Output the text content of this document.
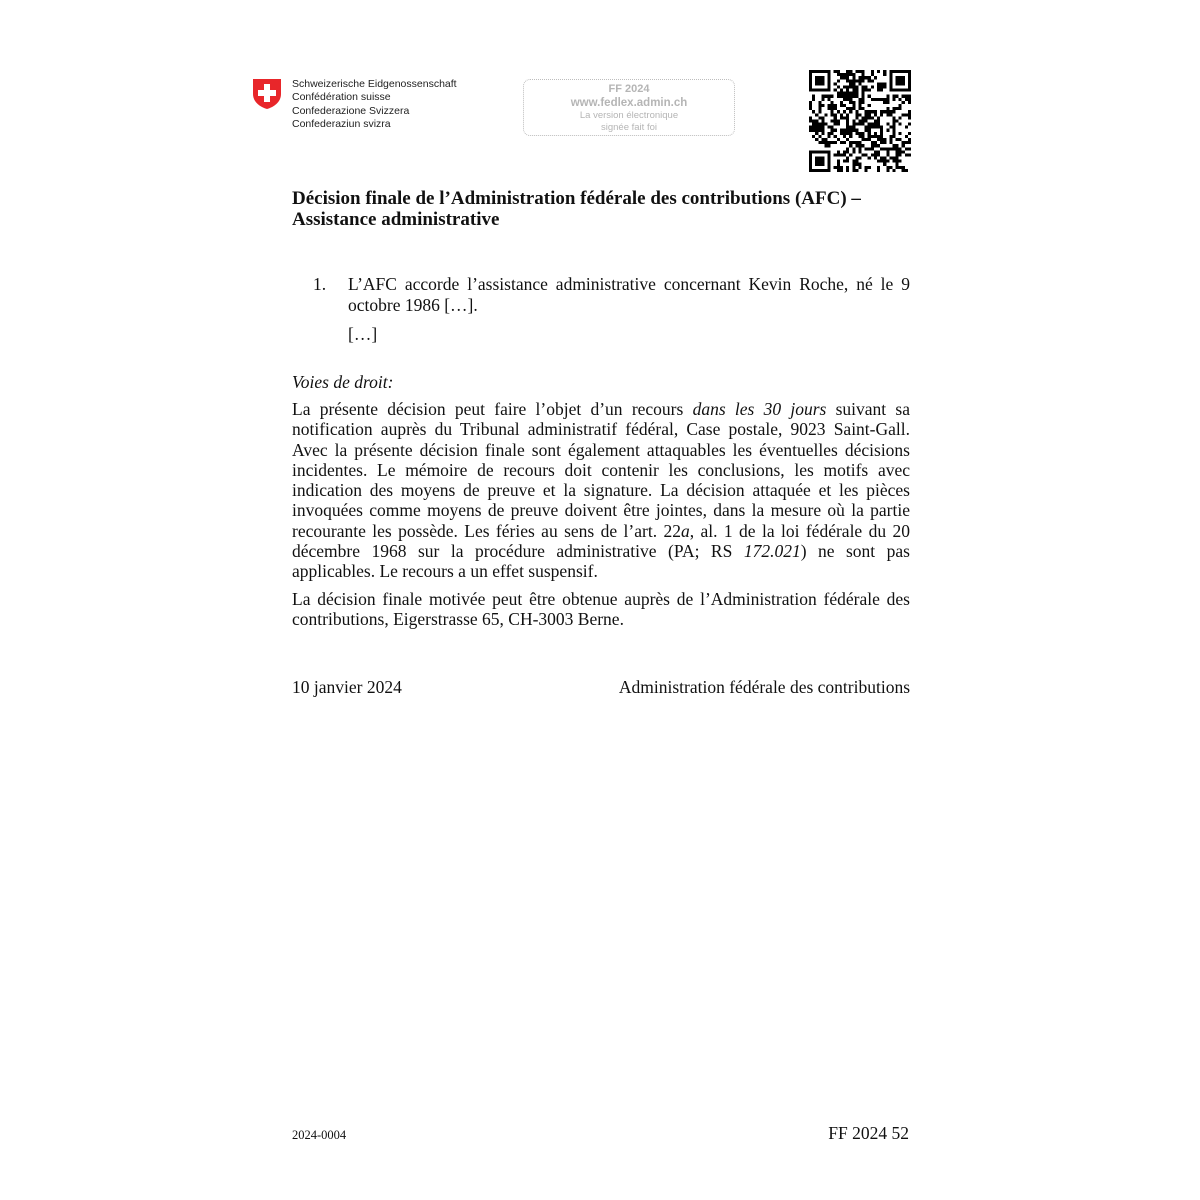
Schweizerische Eidgenossenschaft
Confédération suisse
Confederazione Svizzera
Confederaziun svizra
FF 2024
www.fedlex.admin.ch
La version électronique
signée fait foi
Décision finale de l’Administration fédérale des contributions (AFC) – Assistance administrative
1. L’AFC accorde l’assistance administrative concernant Kevin Roche, né le 9 octobre 1986 […].
[…]
Voies de droit:
La présente décision peut faire l’objet d’un recours dans les 30 jours suivant sa notification auprès du Tribunal administratif fédéral, Case postale, 9023 Saint-Gall. Avec la présente décision finale sont également attaquables les éventuelles décisions incidentes. Le mémoire de recours doit contenir les conclusions, les motifs avec indication des moyens de preuve et la signature. La décision attaquée et les pièces invoquées comme moyens de preuve doivent être jointes, dans la mesure où la partie recourante les possède. Les féries au sens de l’art. 22a, al. 1 de la loi fédérale du 20 décembre 1968 sur la procédure administrative (PA; RS 172.021) ne sont pas applicables. Le recours a un effet suspensif.
La décision finale motivée peut être obtenue auprès de l’Administration fédérale des contributions, Eigerstrasse 65, CH-3003 Berne.
10 janvier 2024	Administration fédérale des contributions
2024-0004	FF 2024 52
